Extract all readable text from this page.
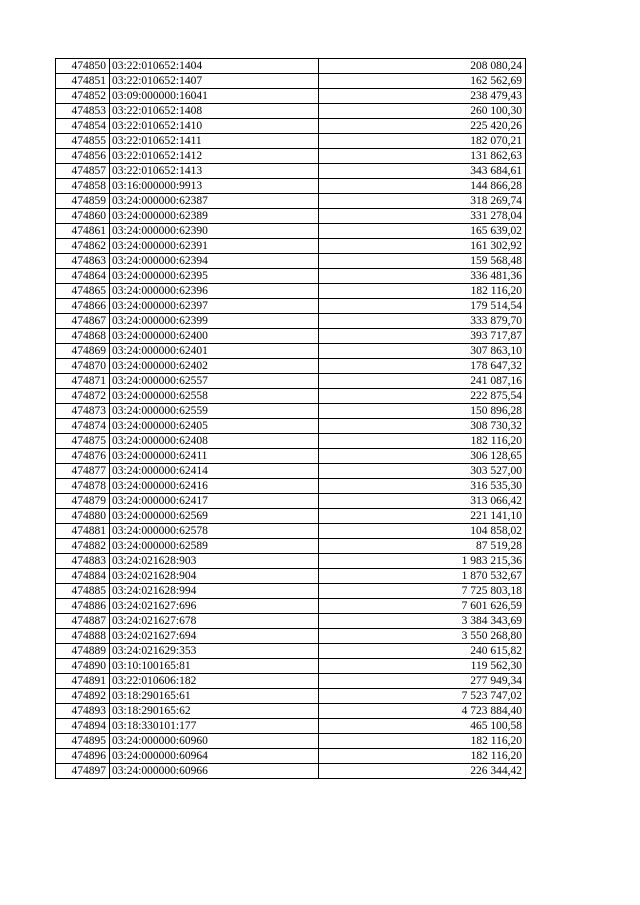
474850	03:22:010652:1404	208 080,24
474851	03:22:010652:1407	162 562,69
474852	03:09:000000:16041	238 479,43
474853	03:22:010652:1408	260 100,30
474854	03:22:010652:1410	225 420,26
474855	03:22:010652:1411	182 070,21
474856	03:22:010652:1412	131 862,63
474857	03:22:010652:1413	343 684,61
474858	03:16:000000:9913	144 866,28
474859	03:24:000000:62387	318 269,74
474860	03:24:000000:62389	331 278,04
474861	03:24:000000:62390	165 639,02
474862	03:24:000000:62391	161 302,92
474863	03:24:000000:62394	159 568,48
474864	03:24:000000:62395	336 481,36
474865	03:24:000000:62396	182 116,20
474866	03:24:000000:62397	179 514,54
474867	03:24:000000:62399	333 879,70
474868	03:24:000000:62400	393 717,87
474869	03:24:000000:62401	307 863,10
474870	03:24:000000:62402	178 647,32
474871	03:24:000000:62557	241 087,16
474872	03:24:000000:62558	222 875,54
474873	03:24:000000:62559	150 896,28
474874	03:24:000000:62405	308 730,32
474875	03:24:000000:62408	182 116,20
474876	03:24:000000:62411	306 128,65
474877	03:24:000000:62414	303 527,00
474878	03:24:000000:62416	316 535,30
474879	03:24:000000:62417	313 066,42
474880	03:24:000000:62569	221 141,10
474881	03:24:000000:62578	104 858,02
474882	03:24:000000:62589	87 519,28
474883	03:24:021628:903	1 983 215,36
474884	03:24:021628:904	1 870 532,67
474885	03:24:021628:994	7 725 803,18
474886	03:24:021627:696	7 601 626,59
474887	03:24:021627:678	3 384 343,69
474888	03:24:021627:694	3 550 268,80
474889	03:24:021629:353	240 615,82
474890	03:10:100165:81	119 562,30
474891	03:22:010606:182	277 949,34
474892	03:18:290165:61	7 523 747,02
474893	03:18:290165:62	4 723 884,40
474894	03:18:330101:177	465 100,58
474895	03:24:000000:60960	182 116,20
474896	03:24:000000:60964	182 116,20
474897	03:24:000000:60966	226 344,42
